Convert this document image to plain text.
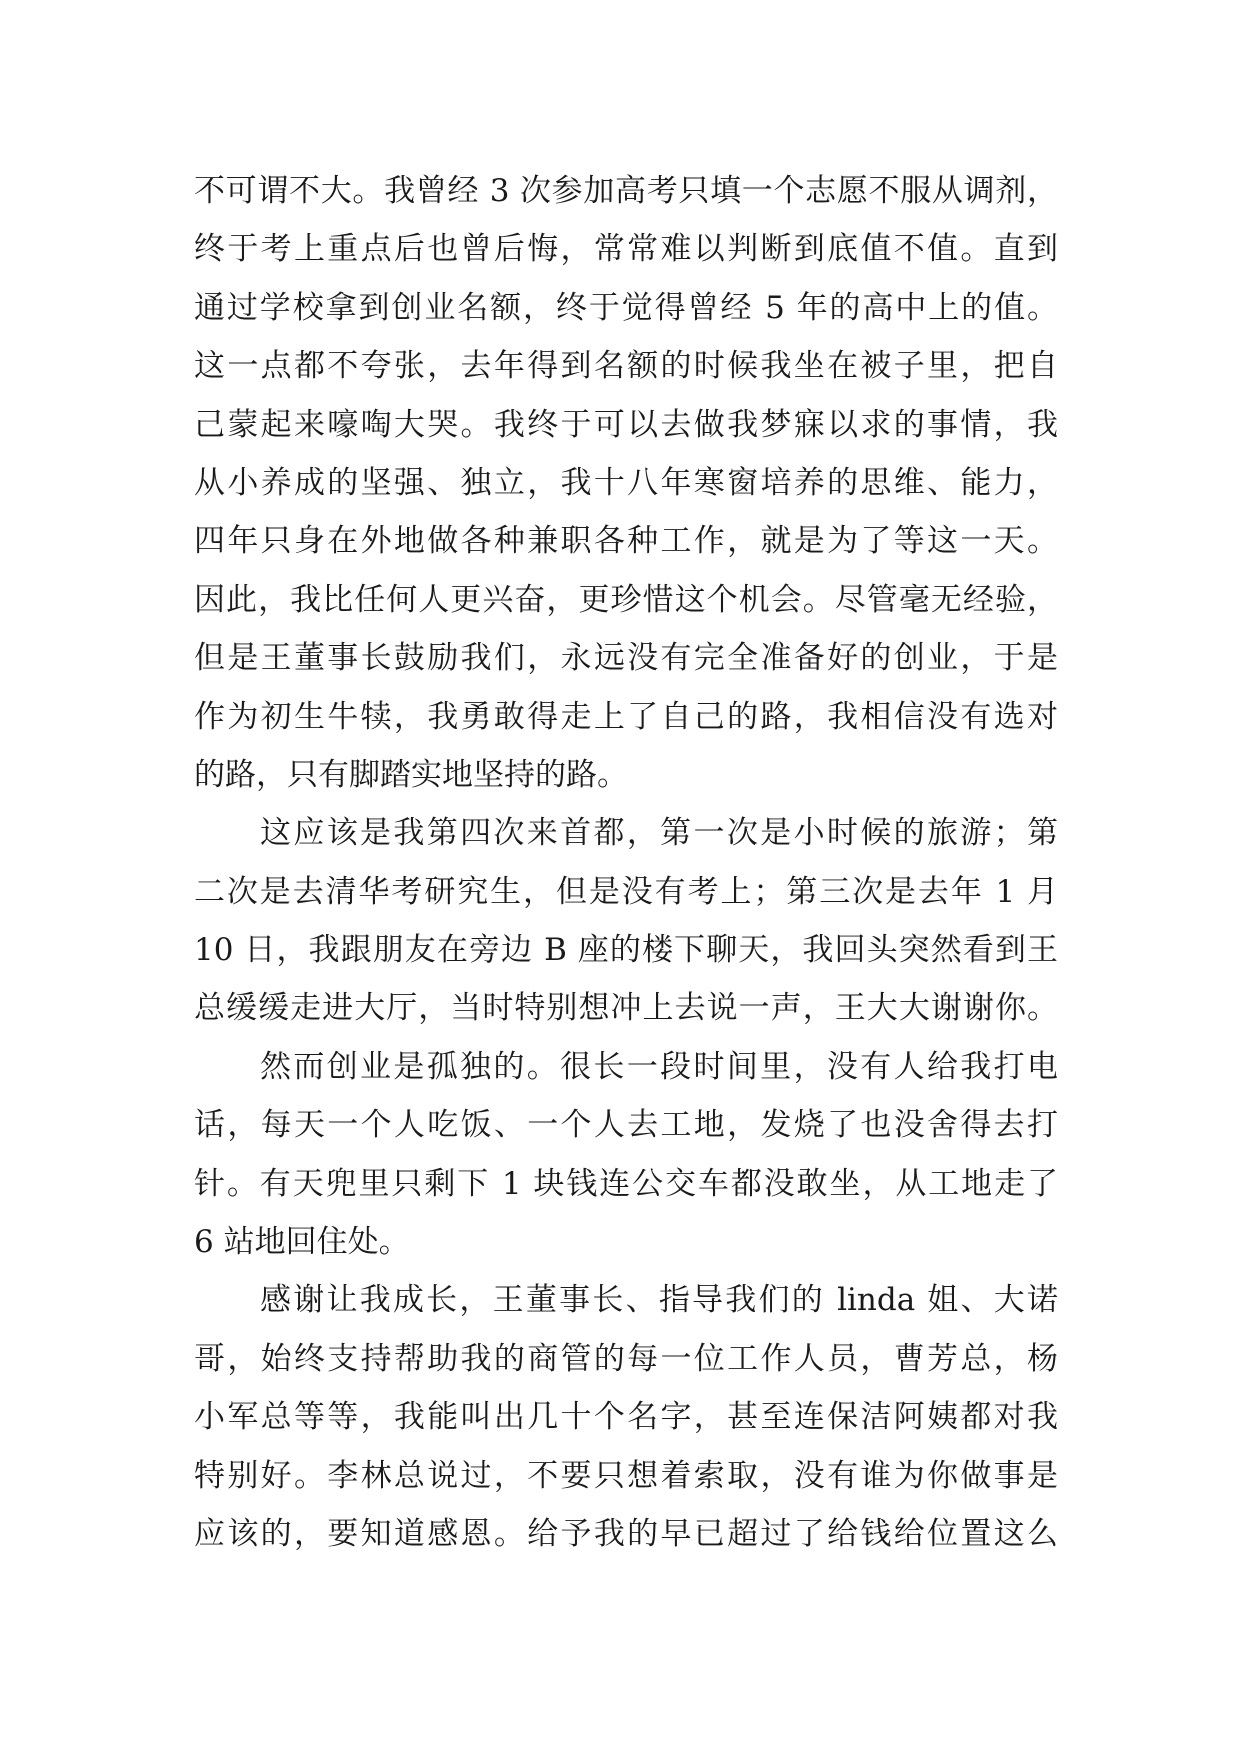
不可谓不大。我曾经 3 次参加高考只填一个志愿不服从调剂，
终于考上重点后也曾后悔，常常难以判断到底值不值。直到
通过学校拿到创业名额，终于觉得曾经 5 年的高中上的值。
这一点都不夸张，去年得到名额的时候我坐在被子里，把自
己蒙起来嚎啕大哭。我终于可以去做我梦寐以求的事情，我
从小养成的坚强、独立，我十八年寒窗培养的思维、能力，
四年只身在外地做各种兼职各种工作，就是为了等这一天。
因此，我比任何人更兴奋，更珍惜这个机会。尽管毫无经验，
但是王董事长鼓励我们，永远没有完全准备好的创业，于是
作为初生牛犊，我勇敢得走上了自己的路，我相信没有选对
的路，只有脚踏实地坚持的路。
这应该是我第四次来首都，第一次是小时候的旅游；第
二次是去清华考研究生，但是没有考上；第三次是去年 1 月
10 日，我跟朋友在旁边 B 座的楼下聊天，我回头突然看到王
总缓缓走进大厅，当时特别想冲上去说一声，王大大谢谢你。
然而创业是孤独的。很长一段时间里，没有人给我打电
话，每天一个人吃饭、一个人去工地，发烧了也没舍得去打
针。有天兜里只剩下 1 块钱连公交车都没敢坐，从工地走了
6 站地回住处。
感谢让我成长，王董事长、指导我们的 linda 姐、大诺
哥，始终支持帮助我的商管的每一位工作人员，曹芳总，杨
小军总等等，我能叫出几十个名字，甚至连保洁阿姨都对我
特别好。李林总说过，不要只想着索取，没有谁为你做事是
应该的，要知道感恩。给予我的早已超过了给钱给位置这么
